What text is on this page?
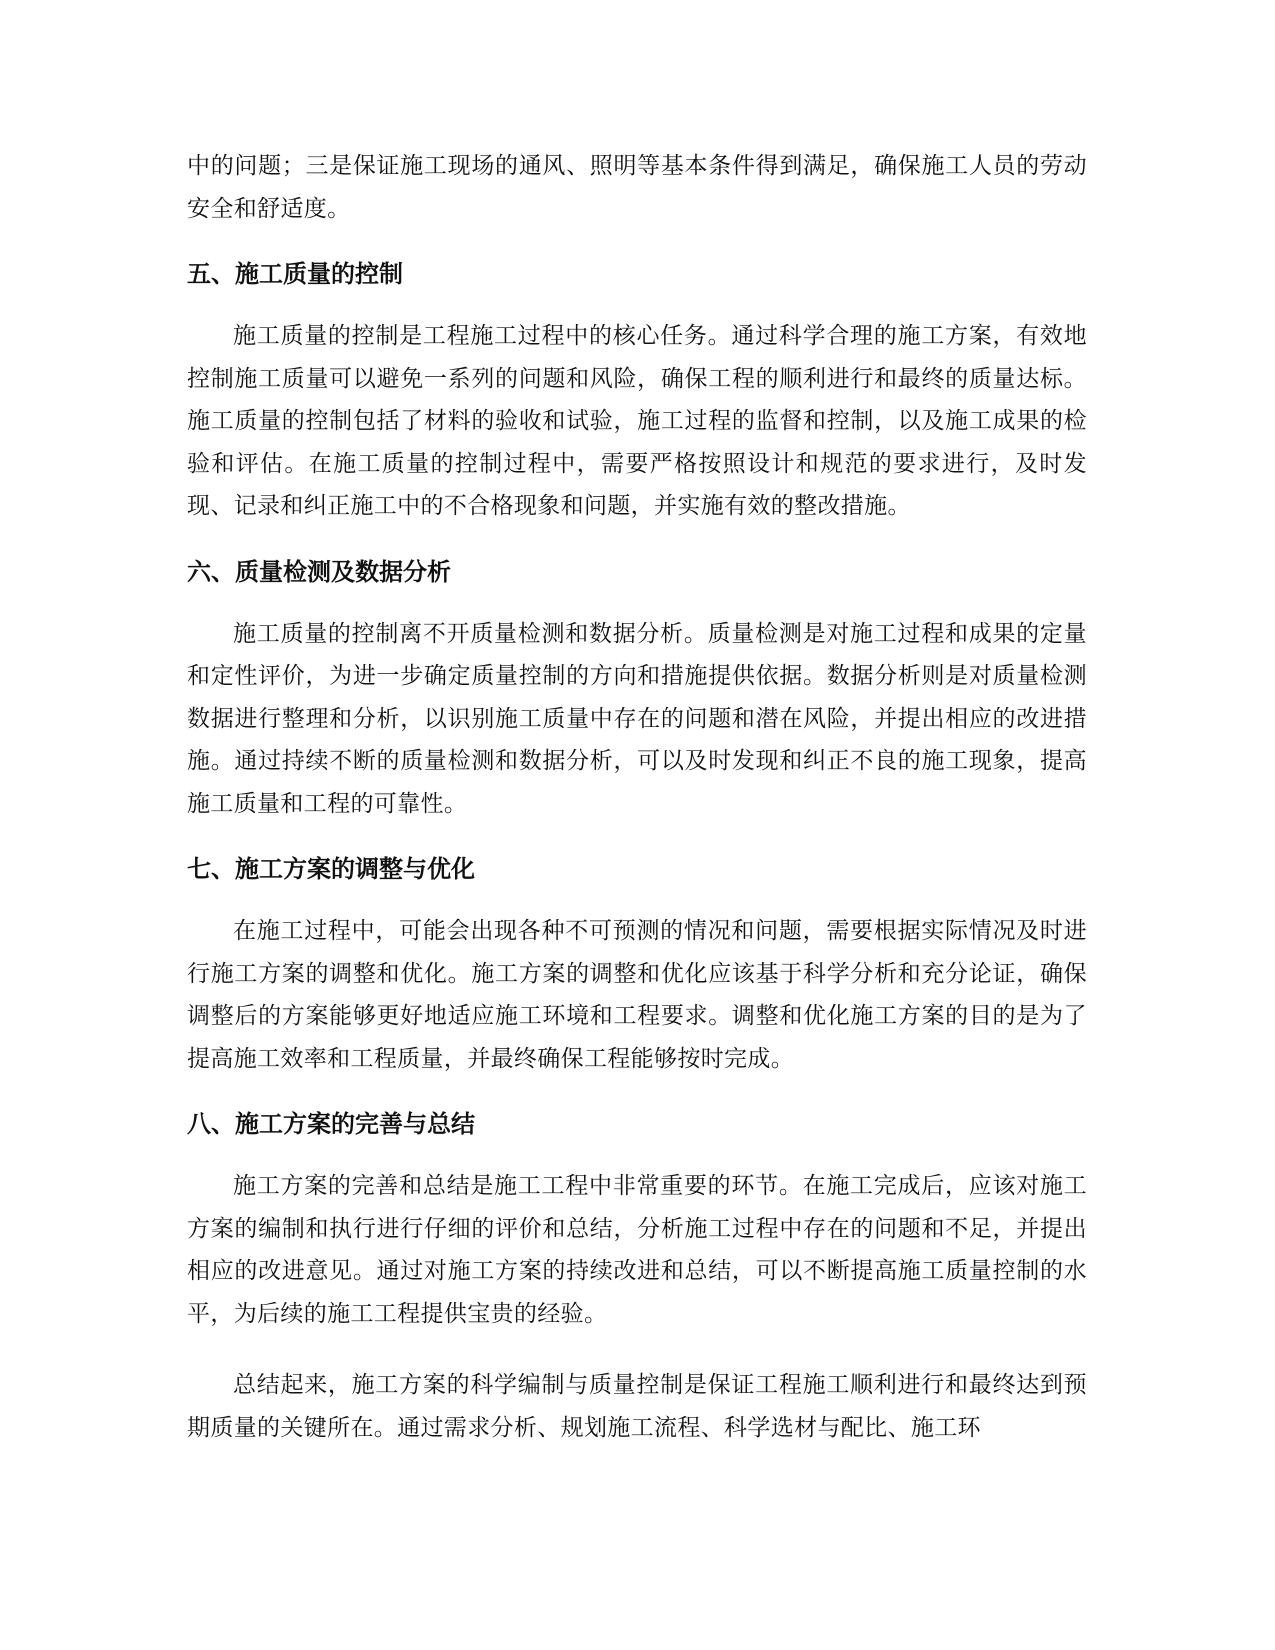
中的问题；三是保证施工现场的通风、照明等基本条件得到满足，确保施工人员的劳动安全和舒适度。

五、施工质量的控制

施工质量的控制是工程施工过程中的核心任务。通过科学合理的施工方案，有效地控制施工质量可以避免一系列的问题和风险，确保工程的顺利进行和最终的质量达标。施工质量的控制包括了材料的验收和试验，施工过程的监督和控制，以及施工成果的检验和评估。在施工质量的控制过程中，需要严格按照设计和规范的要求进行，及时发现、记录和纠正施工中的不合格现象和问题，并实施有效的整改措施。

六、质量检测及数据分析

施工质量的控制离不开质量检测和数据分析。质量检测是对施工过程和成果的定量和定性评价，为进一步确定质量控制的方向和措施提供依据。数据分析则是对质量检测数据进行整理和分析，以识别施工质量中存在的问题和潜在风险，并提出相应的改进措施。通过持续不断的质量检测和数据分析，可以及时发现和纠正不良的施工现象，提高施工质量和工程的可靠性。

七、施工方案的调整与优化

在施工过程中，可能会出现各种不可预测的情况和问题，需要根据实际情况及时进行施工方案的调整和优化。施工方案的调整和优化应该基于科学分析和充分论证，确保调整后的方案能够更好地适应施工环境和工程要求。调整和优化施工方案的目的是为了提高施工效率和工程质量，并最终确保工程能够按时完成。

八、施工方案的完善与总结

施工方案的完善和总结是施工工程中非常重要的环节。在施工完成后，应该对施工方案的编制和执行进行仔细的评价和总结，分析施工过程中存在的问题和不足，并提出相应的改进意见。通过对施工方案的持续改进和总结，可以不断提高施工质量控制的水平，为后续的施工工程提供宝贵的经验。

总结起来，施工方案的科学编制与质量控制是保证工程施工顺利进行和最终达到预期质量的关键所在。通过需求分析、规划施工流程、科学选材与配比、施工环
